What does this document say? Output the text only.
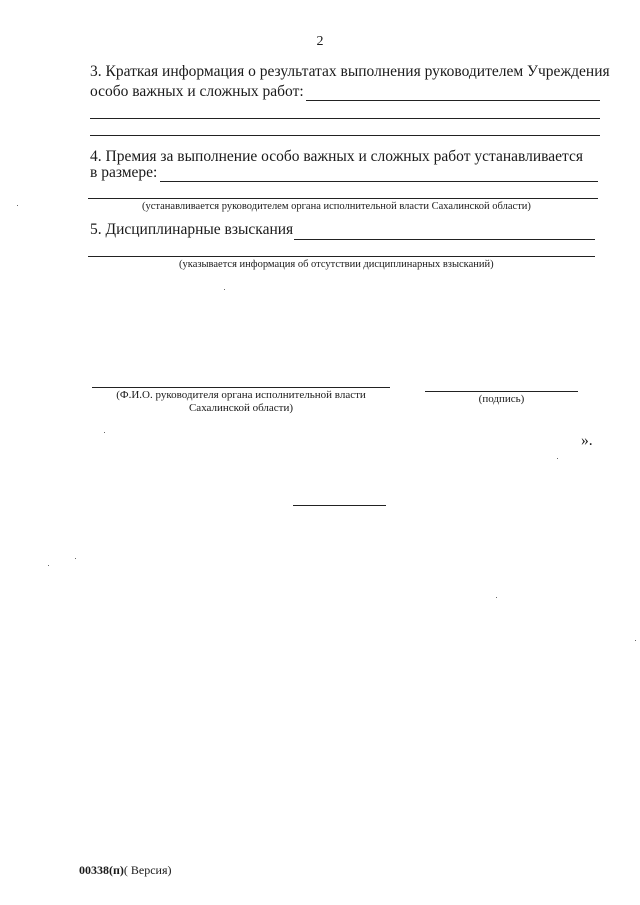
2
3. Краткая информация о результатах выполнения руководителем Учреждения
особо важных и сложных работ:
4. Премия за выполнение особо важных и сложных работ устанавливается
в размере:
(устанавливается руководителем органа исполнительной власти Сахалинской области)
5. Дисциплинарные взыскания
(указывается информация об отсутствии дисциплинарных взысканий)
(Ф.И.О. руководителя органа исполнительной власти
Сахалинской области)
(подпись)
».
00338(п)( Версия)
